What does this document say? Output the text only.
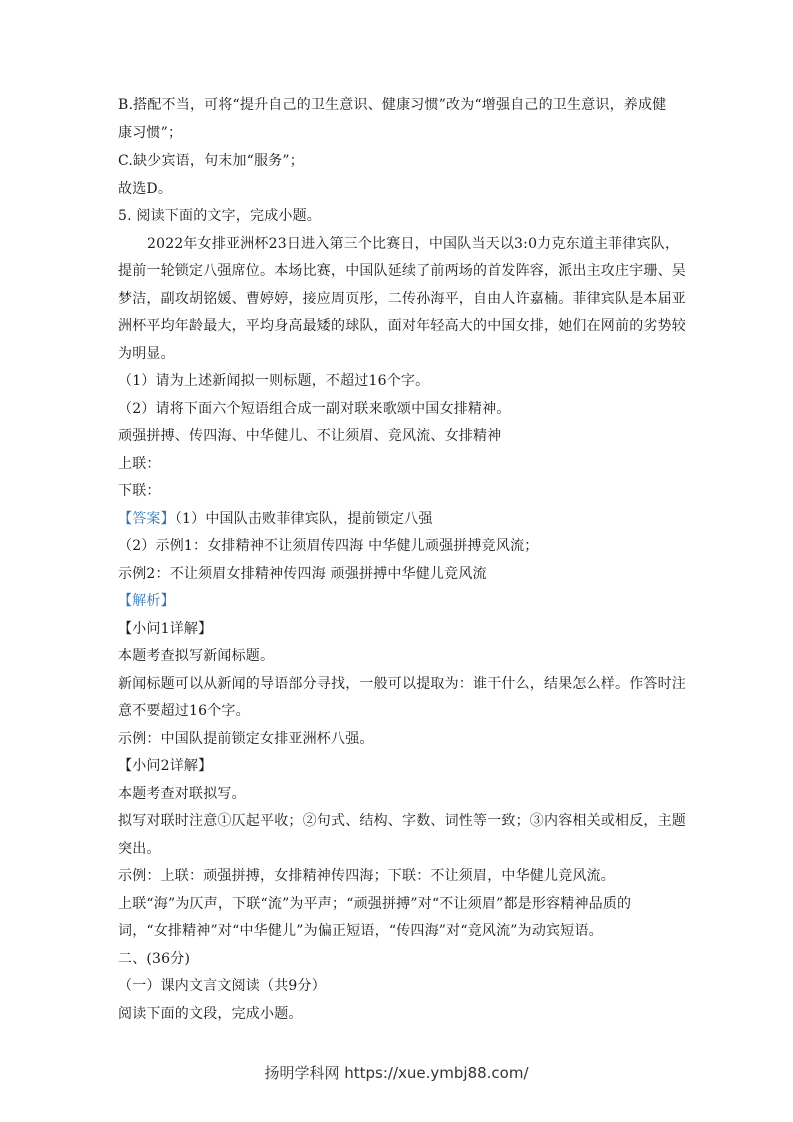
B.搭配不当，可将“提升自己的卫生意识、健康习惯”改为“增强自己的卫生意识，养成健
康习惯”；
C.缺少宾语，句末加“服务”；
故选D。
5. 阅读下面的文字，完成小题。
2022年女排亚洲杯23日进入第三个比赛日，中国队当天以3:0力克东道主菲律宾队，
提前一轮锁定八强席位。本场比赛，中国队延续了前两场的首发阵容，派出主攻庄宇珊、吴
梦洁，副攻胡铭媛、曹婷婷，接应周页彤，二传孙海平，自由人许嘉楠。菲律宾队是本届亚
洲杯平均年龄最大，平均身高最矮的球队，面对年轻高大的中国女排，她们在网前的劣势较
为明显。
（1）请为上述新闻拟一则标题，不超过16个字。
（2）请将下面六个短语组合成一副对联来歌颂中国女排精神。
顽强拼搏、传四海、中华健儿、不让须眉、竞风流、女排精神
上联：
下联：
【答案】（1）中国队击败菲律宾队，提前锁定八强
（2）示例1：女排精神不让须眉传四海 中华健儿顽强拼搏竞风流；
示例2：不让须眉女排精神传四海 顽强拼搏中华健儿竞风流
【解析】
【小问1详解】
本题考查拟写新闻标题。
新闻标题可以从新闻的导语部分寻找，一般可以提取为：谁干什么，结果怎么样。作答时注
意不要超过16个字。
示例：中国队提前锁定女排亚洲杯八强。
【小问2详解】
本题考查对联拟写。
拟写对联时注意①仄起平收；②句式、结构、字数、词性等一致；③内容相关或相反，主题
突出。
示例：上联：顽强拼搏，女排精神传四海；下联：不让须眉，中华健儿竞风流。
上联“海”为仄声，下联“流”为平声；“顽强拼搏”对“不让须眉”都是形容精神品质的
词，“女排精神”对“中华健儿”为偏正短语，“传四海”对“竞风流”为动宾短语。
二、(36分)
（一）课内文言文阅读（共9分）
阅读下面的文段，完成小题。
扬明学科网 https://xue.ymbj88.com/
